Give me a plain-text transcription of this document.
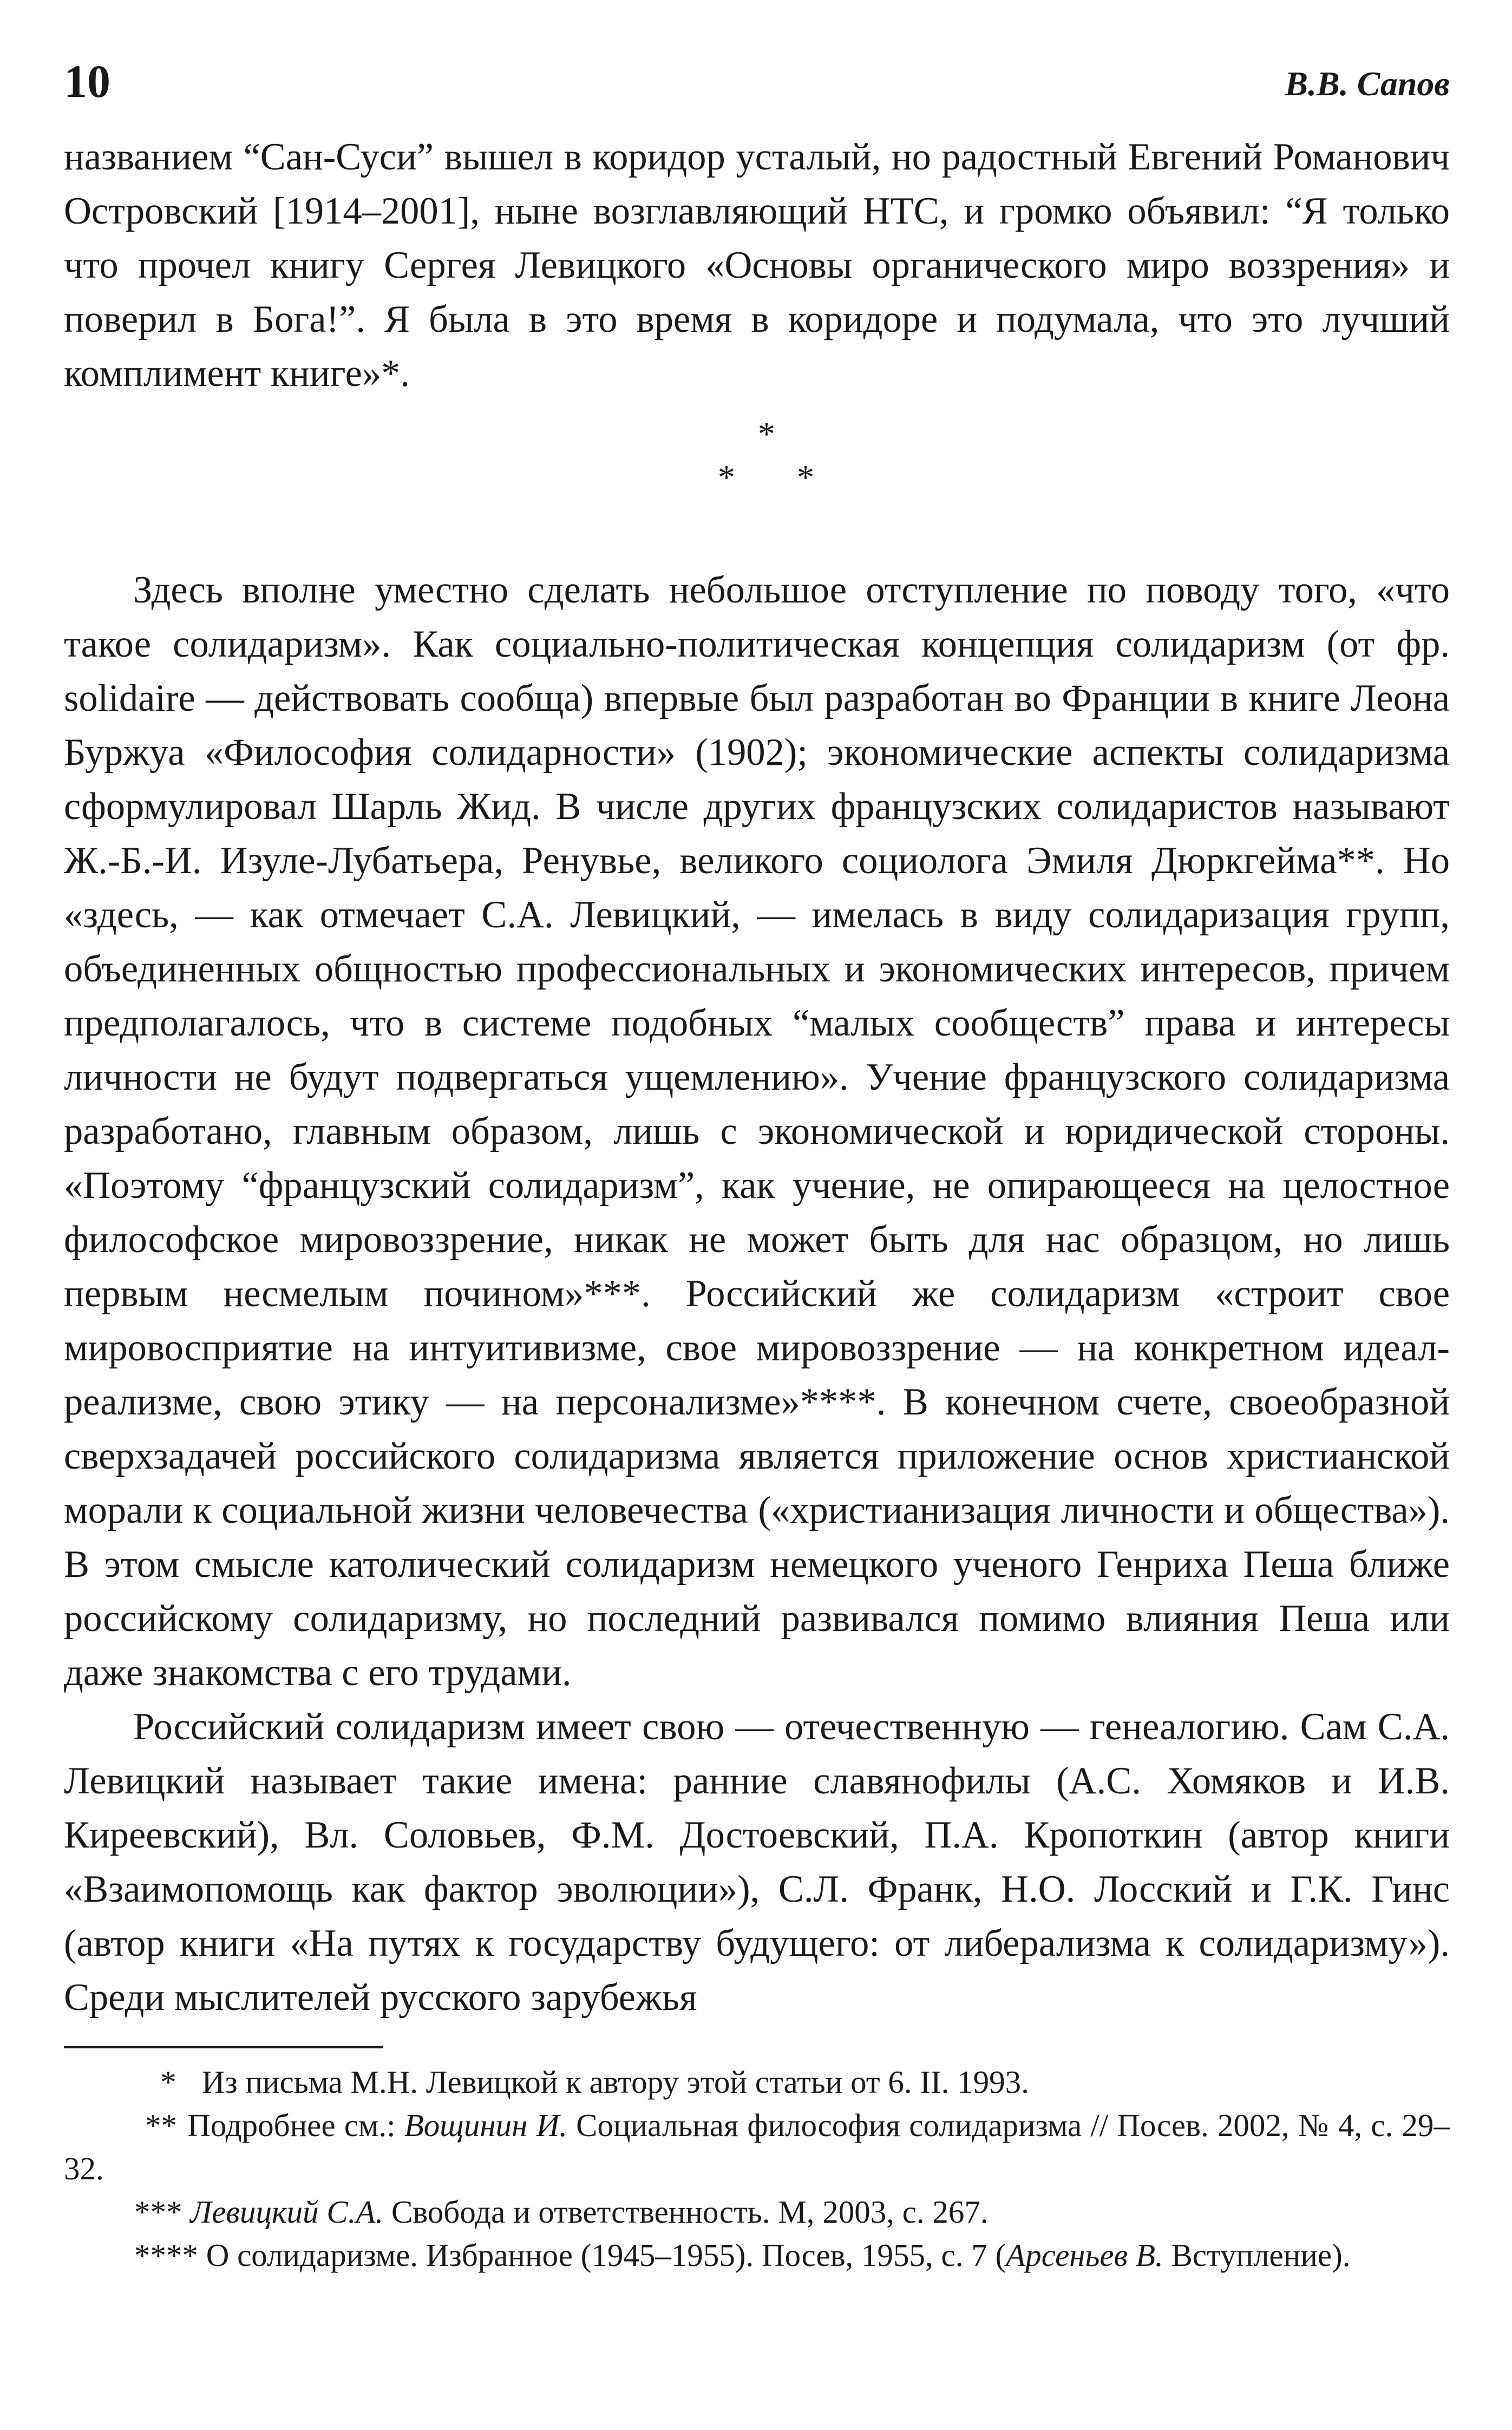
10	В.В. Сапов

названием “Сан-Суси” вышел в коридор усталый, но радостный Евгений Романович Островский [1914–2001], ныне возглавляющий НТС, и громко объявил: “Я только что прочел книгу Сергея Левицкого «Основы органического миро воззрения» и поверил в Бога!”. Я была в это время в коридоре и подумала, что это лучший комплимент книге»*.

*
* *

Здесь вполне уместно сделать небольшое отступление по поводу того, «что такое солидаризм». Как социально-политическая концепция солидаризм (от фр. solidaire — действовать сообща) впервые был разработан во Франции в книге Леона Буржуа «Философия солидарности» (1902); экономические аспекты солидаризма сформулировал Шарль Жид. В числе других французских солидаристов называют Ж.-Б.-И. Изуле-Лубатьера, Ренувье, великого социолога Эмиля Дюркгейма**. Но «здесь, — как отмечает С.А. Левицкий, — имелась в виду солидаризация групп, объединенных общностью профессиональных и экономических интересов, причем предполагалось, что в системе подобных “малых сообществ” права и интересы личности не будут подвергаться ущемлению». Учение французского солидаризма разработано, главным образом, лишь с экономической и юридической стороны. «Поэтому “французский солидаризм”, как учение, не опирающееся на целостное философское мировоззрение, никак не может быть для нас образцом, но лишь первым несмелым почином»***. Российский же солидаризм «строит свое мировосприятие на интуитивизме, свое мировоззрение — на конкретном идеал-реализме, свою этику — на персонализме»****. В конечном счете, своеобразной сверхзадачей российского солидаризма является приложение основ христианской морали к социальной жизни человечества («христианизация личности и общества»). В этом смысле католический солидаризм немецкого ученого Генриха Пеша ближе российскому солидаризму, но последний развивался помимо влияния Пеша или даже знакомства с его трудами.

Российский солидаризм имеет свою — отечественную — генеалогию. Сам С.А. Левицкий называет такие имена: ранние славянофилы (А.С. Хомяков и И.В. Киреевский), Вл. Соловьев, Ф.М. Достоевский, П.А. Кропоткин (автор книги «Взаимопомощь как фактор эволюции»), С.Л. Франк, Н.О. Лосский и Г.К. Гинс (автор книги «На путях к государству будущего: от либерализма к солидаризму»). Среди мыслителей русского зарубежья

* Из письма М.Н. Левицкой к автору этой статьи от 6. II. 1993.

** Подробнее см.: Вощинин И. Социальная философия солидаризма // Посев. 2002, № 4, с. 29–32.

*** Левицкий С.А. Свобода и ответственность. М, 2003, с. 267.

**** О солидаризме. Избранное (1945–1955). Посев, 1955, с. 7 (Арсеньев В. Вступление).
